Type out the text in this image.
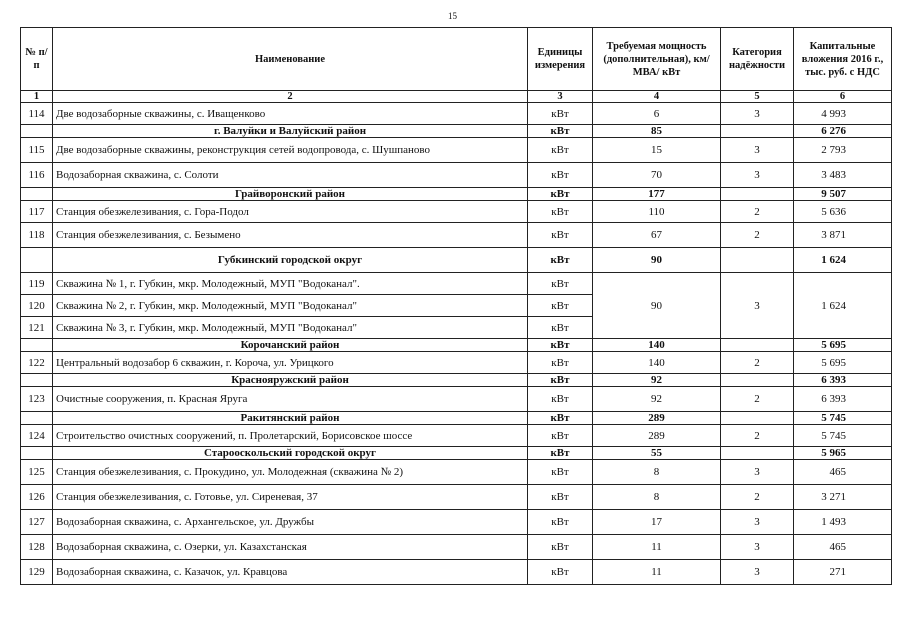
15
№ п/п	Наименование	Единицы измерения	Требуемая мощность (дополнительная), км/ МВА/ кВт	Категория надёжности	Капитальные вложения 2016 г., тыс. руб. с НДС
1	2	3	4	5	6
114	Две водозаборные скважины, с. Иващенково	кВт	6	3	4 993
	г. Валуйки и Валуйский район	кВт	85		6 276
115	Две водозаборные скважины, реконструкция сетей водопровода, с. Шушпаново	кВт	15	3	2 793
116	Водозаборная скважина, с. Солоти	кВт	70	3	3 483
	Грайворонский район	кВт	177		9 507
117	Станция обезжелезивания, с. Гора-Подол	кВт	110	2	5 636
118	Станция обезжелезивания, с. Безымено	кВт	67	2	3 871
	Губкинский городской округ	кВт	90		1 624
119	Скважина № 1, г. Губкин, мкр. Молодежный, МУП "Водоканал".	кВт	90	3	1 624
120	Скважина № 2, г. Губкин, мкр. Молодежный, МУП "Водоканал"	кВт			
121	Скважина № 3, г. Губкин, мкр. Молодежный, МУП "Водоканал"	кВт			
	Корочанский район	кВт	140		5 695
122	Центральный водозабор 6 скважин, г. Короча, ул. Урицкого	кВт	140	2	5 695
	Краснояружский район	кВт	92		6 393
123	Очистные сооружения, п. Красная Яруга	кВт	92	2	6 393
	Ракитянский район	кВт	289		5 745
124	Строительство очистных сооружений, п. Пролетарский, Борисовское шоссе	кВт	289	2	5 745
	Старооскольский городской округ	кВт	55		5 965
125	Станция обезжелезивания, с. Прокудино, ул. Молодежная (скважина № 2)	кВт	8	3	465
126	Станция обезжелезивания, с. Готовье, ул. Сиреневая, 37	кВт	8	2	3 271
127	Водозаборная скважина, с. Архангельское, ул. Дружбы	кВт	17	3	1 493
128	Водозаборная скважина, с. Озерки, ул. Казахстанская	кВт	11	3	465
129	Водозаборная скважина, с. Казачок, ул. Кравцова	кВт	11	3	271
